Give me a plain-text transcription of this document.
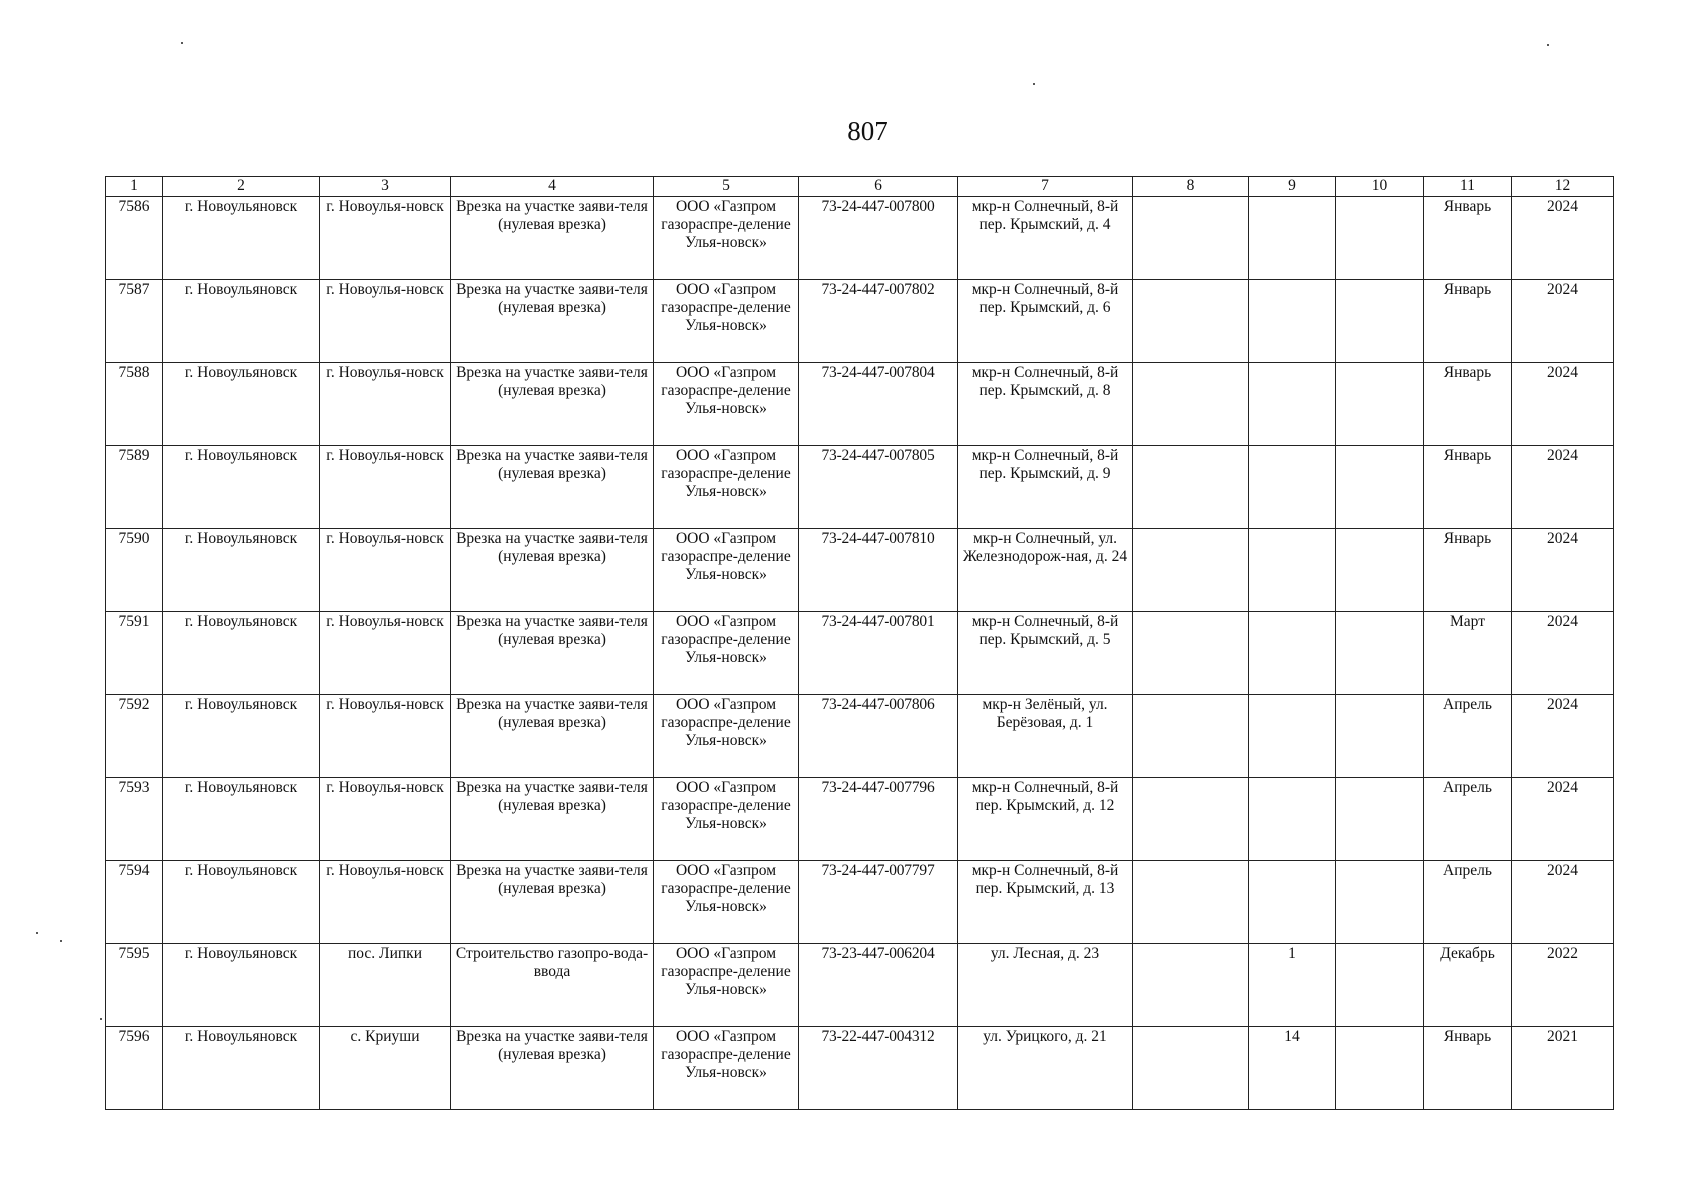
807
1	2	3	4	5	6	7	8	9	10	11	12
7586	г. Новоульяновск	г. Новоулья-новск	Врезка на участке заяви-теля (нулевая врезка)	ООО «Газпром газораспре-деление Улья-новск»	73-24-447-007800	мкр-н Солнечный, 8-й пер. Крымский, д. 4				Январь	2024
7587	г. Новоульяновск	г. Новоулья-новск	Врезка на участке заяви-теля (нулевая врезка)	ООО «Газпром газораспре-деление Улья-новск»	73-24-447-007802	мкр-н Солнечный, 8-й пер. Крымский, д. 6				Январь	2024
7588	г. Новоульяновск	г. Новоулья-новск	Врезка на участке заяви-теля (нулевая врезка)	ООО «Газпром газораспре-деление Улья-новск»	73-24-447-007804	мкр-н Солнечный, 8-й пер. Крымский, д. 8				Январь	2024
7589	г. Новоульяновск	г. Новоулья-новск	Врезка на участке заяви-теля (нулевая врезка)	ООО «Газпром газораспре-деление Улья-новск»	73-24-447-007805	мкр-н Солнечный, 8-й пер. Крымский, д. 9				Январь	2024
7590	г. Новоульяновск	г. Новоулья-новск	Врезка на участке заяви-теля (нулевая врезка)	ООО «Газпром газораспре-деление Улья-новск»	73-24-447-007810	мкр-н Солнечный, ул. Железнодорож-ная, д. 24				Январь	2024
7591	г. Новоульяновск	г. Новоулья-новск	Врезка на участке заяви-теля (нулевая врезка)	ООО «Газпром газораспре-деление Улья-новск»	73-24-447-007801	мкр-н Солнечный, 8-й пер. Крымский, д. 5				Март	2024
7592	г. Новоульяновск	г. Новоулья-новск	Врезка на участке заяви-теля (нулевая врезка)	ООО «Газпром газораспре-деление Улья-новск»	73-24-447-007806	мкр-н Зелёный, ул. Берёзовая, д. 1				Апрель	2024
7593	г. Новоульяновск	г. Новоулья-новск	Врезка на участке заяви-теля (нулевая врезка)	ООО «Газпром газораспре-деление Улья-новск»	73-24-447-007796	мкр-н Солнечный, 8-й пер. Крымский, д. 12				Апрель	2024
7594	г. Новоульяновск	г. Новоулья-новск	Врезка на участке заяви-теля (нулевая врезка)	ООО «Газпром газораспре-деление Улья-новск»	73-24-447-007797	мкр-н Солнечный, 8-й пер. Крымский, д. 13				Апрель	2024
7595	г. Новоульяновск	пос. Липки	Строительство газопро-вода-ввода	ООО «Газпром газораспре-деление Улья-новск»	73-23-447-006204	ул. Лесная, д. 23		1		Декабрь	2022
7596	г. Новоульяновск	с. Криуши	Врезка на участке заяви-теля (нулевая врезка)	ООО «Газпром газораспре-деление Улья-новск»	73-22-447-004312	ул. Урицкого, д. 21		14		Январь	2021
